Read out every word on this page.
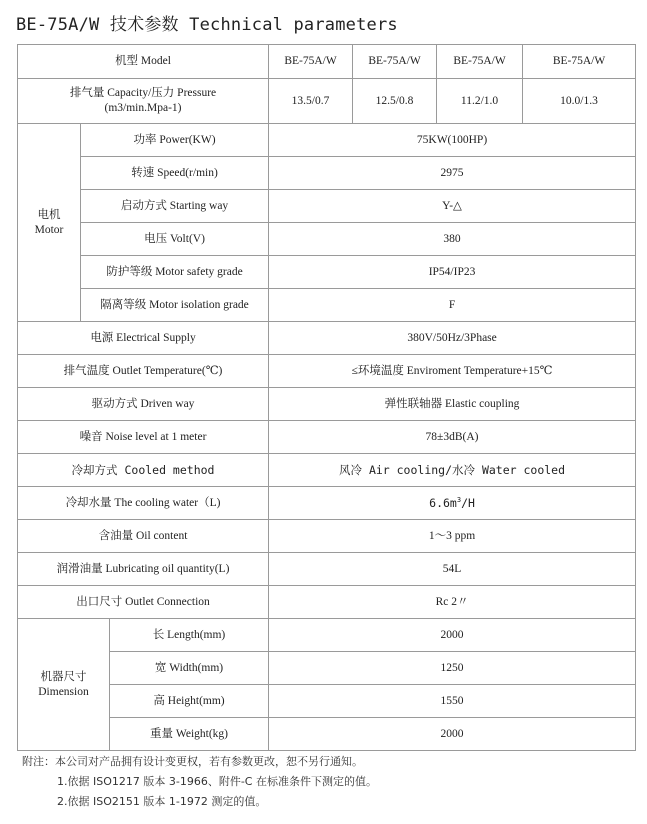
BE-75A/W 技术参数 Technical parameters
机型 Model			BE-75A/W	BE-75A/W	BE-75A/W	BE-75A/W

排气量 Capacity/压力 Pressure
(m3/min.Mpa-1)			13.5/0.7	12.5/0.8	11.2/1.0	10.0/1.3

电机
Motor	功率 Power(KW)		75KW(100HP)			
	转速 Speed(r/min)		2975			
	启动方式 Starting way		Y-△			
	电压 Volt(V)		380			
	防护等级 Motor safety grade		IP54/IP23			
	隔离等级 Motor isolation grade		F			
电源 Electrical Supply			380V/50Hz/3Phase			
排气温度 Outlet Temperature(℃)			≤环境温度 Enviroment Temperature+15℃			
驱动方式 Driven way			弹性联轴器 Elastic coupling			
噪音 Noise level at 1 meter			78±3dB(A)			
冷却方式 Cooled method			风冷 Air cooling/水冷 Water cooled			
冷却水量 The cooling water（L)			$6.6m^3/H$			
含油量 Oil content			1～3 ppm			
润滑油量 Lubricating oil quantity(L)			54L			
出口尺寸 Outlet Connection			Rc 2〃			

机器尺寸
Dimension		长 Length(mm)	2000			
		宽 Width(mm)	1250			
		高 Height(mm)	1550			
		重量 Weight(kg)	2000			
附注：本公司对产品拥有设计变更权，若有参数更改，恕不另行通知。
1.依据 ISO1217 版本 3-1966、附件-C 在标准条件下测定的值。
2.依据 ISO2151 版本 1-1972 测定的值。
